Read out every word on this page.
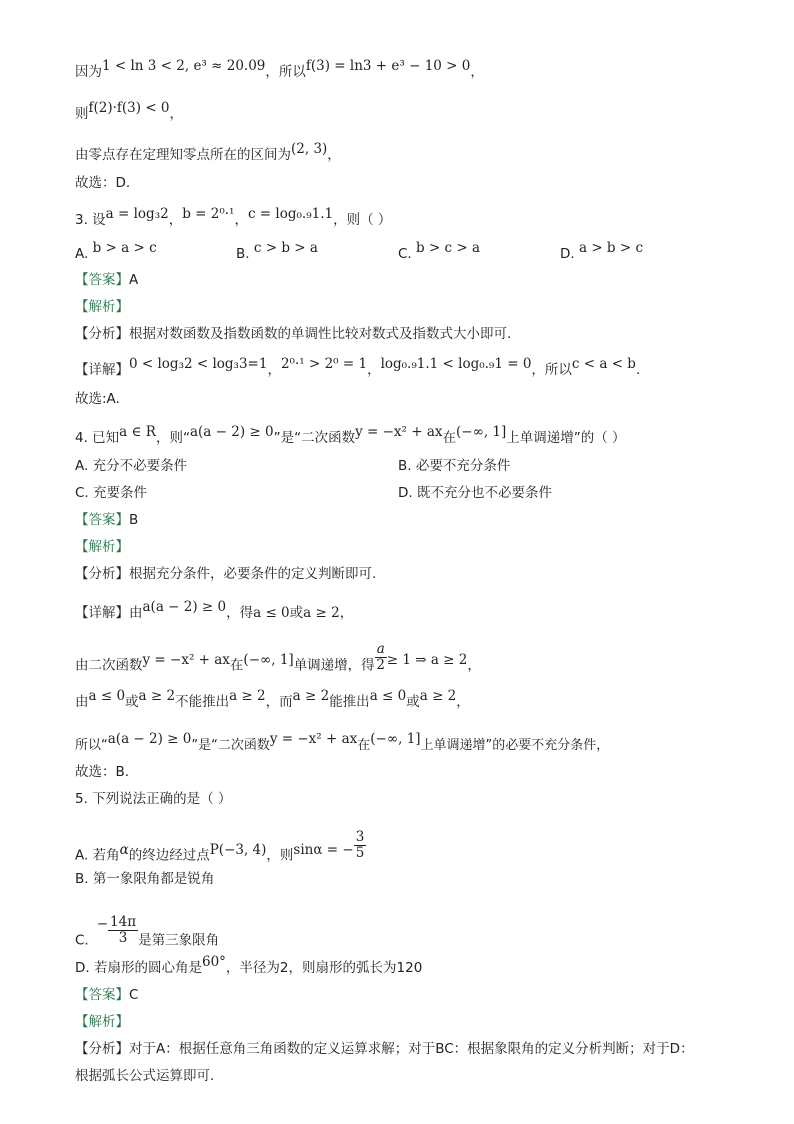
因为1 < ln 3 < 2, e³ ≈ 20.09，所以f(3) = ln3 + e³ − 10 > 0，
则f(2)·f(3) < 0，
由零点存在定理知零点所在的区间为(2, 3)，
故选：D.
3. 设a = log₃2，b = 2⁰·¹，c = log₀.₉1.1，则（ ）
A. b > a > c	B. c > b > a	C. b > c > a	D. a > b > c
【答案】A
【解析】
【分析】根据对数函数及指数函数的单调性比较对数式及指数式大小即可.
【详解】0 < log₃2 < log₃3=1，2⁰·¹ > 2⁰ = 1，log₀.₉1.1 < log₀.₉1 = 0，所以c < a < b.
故选:A.
4. 已知a ∈ R，则“a(a − 2) ≥ 0”是“二次函数y = −x² + ax在(−∞, 1]上单调递增”的（ ）
A. 充分不必要条件	B. 必要不充分条件
C. 充要条件	D. 既不充分也不必要条件
【答案】B
【解析】
【分析】根据充分条件，必要条件的定义判断即可.
【详解】由a(a − 2) ≥ 0，得a ≤ 0或a ≥ 2，
由二次函数y = −x² + ax在(−∞, 1]单调递增，得 $\frac{a}{2} \ge 1$ ⇒ a ≥ 2，
由a ≤ 0或a ≥ 2不能推出a ≥ 2，而a ≥ 2能推出a ≤ 0或a ≥ 2，
所以“a(a − 2) ≥ 0”是“二次函数y = −x² + ax在(−∞, 1]上单调递增”的必要不充分条件，
故选：B.
5. 下列说法正确的是（ ）
A. 若角α的终边经过点P(−3, 4)，则sinα = − $\frac{3}{5}$
B. 第一象限角都是锐角
$C.- \frac{14\pi}{3}$ 是第三象限角
D. 若扇形的圆心角是60°，半径为2，则扇形的弧长为120
【答案】C
【解析】
【分析】对于A：根据任意角三角函数的定义运算求解；对于BC：根据象限角的定义分析判断；对于D：
根据弧长公式运算即可.
